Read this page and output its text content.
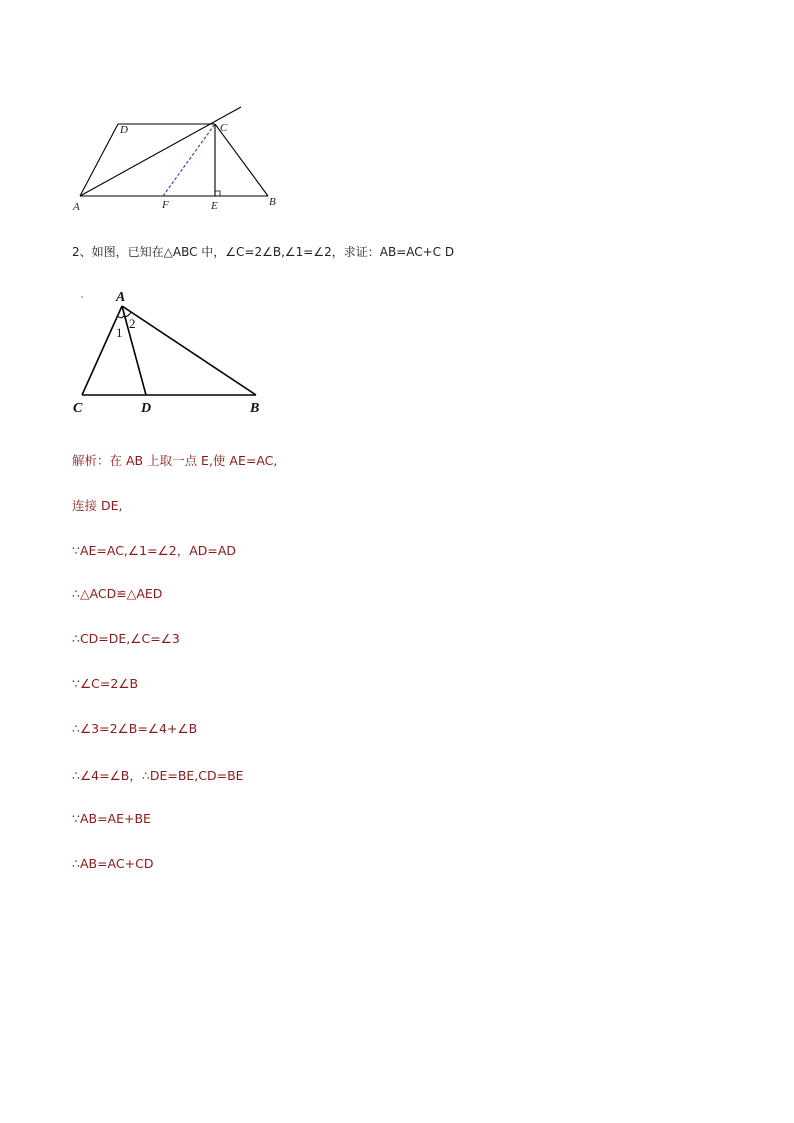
A
D	C
F	E	B
2、如图，已知在△ABC 中，∠C=2∠B,∠1=∠2，求证：AB=AC+C D
A
1
2
C	D	B
解析：在 AB 上取一点 E,使 AE=AC,
连接 DE,
∵AE=AC,∠1=∠2，AD=AD
∴△ACD≌△AED
∴CD=DE,∠C=∠3
∵∠C=2∠B
∴∠3=2∠B=∠4+∠B
∴∠4=∠B，∴DE=BE,CD=BE
∵AB=AE+BE
∴AB=AC+CD
